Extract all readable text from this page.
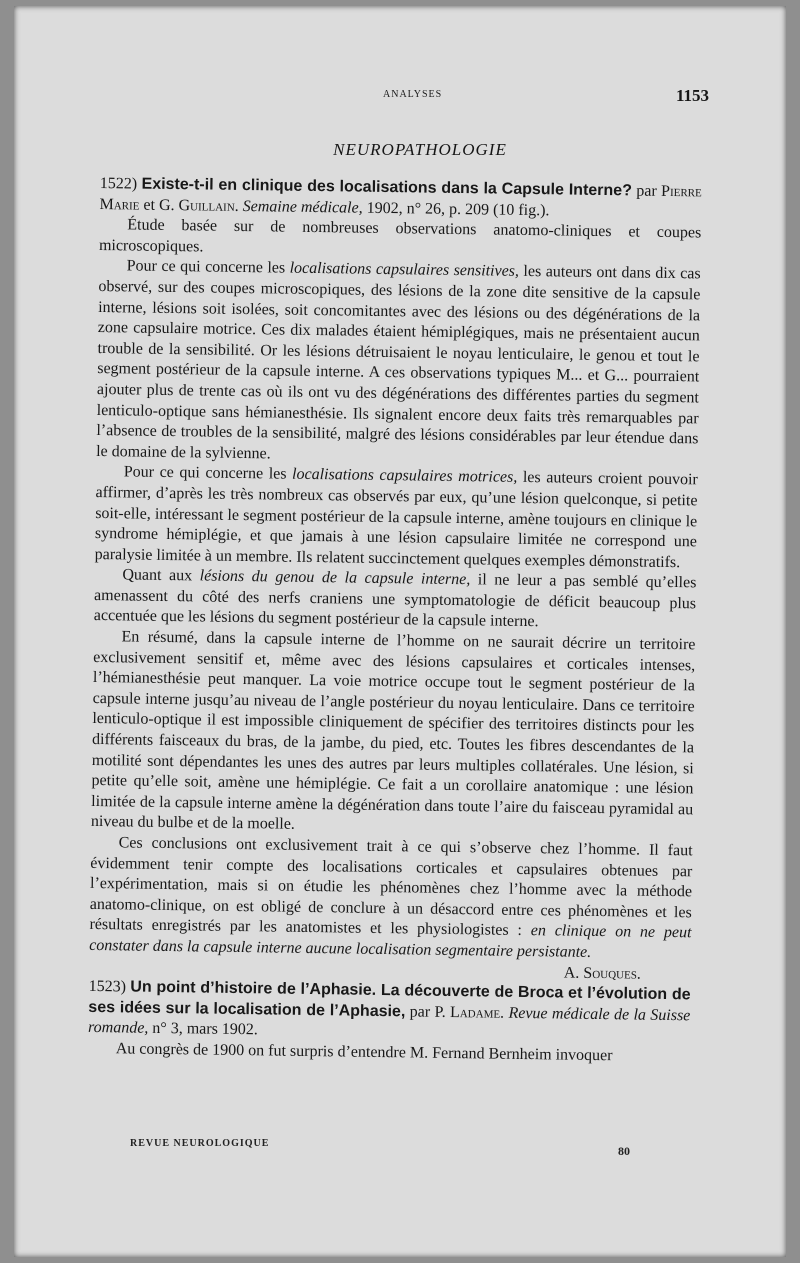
ANALYSES	1153
NEUROPATHOLOGIE

1522) Existe-t-il en clinique des localisations dans la Capsule Interne? par Pierre Marie et G. Guillain. Semaine médicale, 1902, n° 26, p. 209 (10 fig.).

Étude basée sur de nombreuses observations anatomo-cliniques et coupes microscopiques.

Pour ce qui concerne les localisations capsulaires sensitives, les auteurs ont dans dix cas observé, sur des coupes microscopiques, des lésions de la zone dite sensitive de la capsule interne, lésions soit isolées, soit concomitantes avec des lésions ou des dégénérations de la zone capsulaire motrice. Ces dix malades étaient hémiplégiques, mais ne présentaient aucun trouble de la sensibilité. Or les lésions détruisaient le noyau lenticulaire, le genou et tout le segment postérieur de la capsule interne. A ces observations typiques M... et G... pourraient ajouter plus de trente cas où ils ont vu des dégénérations des différentes parties du segment lenticulo-optique sans hémianesthésie. Ils signalent encore deux faits très remarquables par l’absence de troubles de la sensibilité, malgré des lésions considérables par leur étendue dans le domaine de la sylvienne.

Pour ce qui concerne les localisations capsulaires motrices, les auteurs croient pouvoir affirmer, d’après les très nombreux cas observés par eux, qu’une lésion quelconque, si petite soit-elle, intéressant le segment postérieur de la capsule interne, amène toujours en clinique le syndrome hémiplégie, et que jamais à une lésion capsulaire limitée ne correspond une paralysie limitée à un membre. Ils relatent succinctement quelques exemples démonstratifs.

Quant aux lésions du genou de la capsule interne, il ne leur a pas semblé qu’elles amenassent du côté des nerfs craniens une symptomatologie de déficit beaucoup plus accentuée que les lésions du segment postérieur de la capsule interne.

En résumé, dans la capsule interne de l’homme on ne saurait décrire un territoire exclusivement sensitif et, même avec des lésions capsulaires et corticales intenses, l’hémianesthésie peut manquer. La voie motrice occupe tout le segment postérieur de la capsule interne jusqu’au niveau de l’angle postérieur du noyau lenticulaire. Dans ce territoire lenticulo-optique il est impossible cliniquement de spécifier des territoires distincts pour les différents faisceaux du bras, de la jambe, du pied, etc. Toutes les fibres descendantes de la motilité sont dépendantes les unes des autres par leurs multiples collatérales. Une lésion, si petite qu’elle soit, amène une hémiplégie. Ce fait a un corollaire anatomique : une lésion limitée de la capsule interne amène la dégénération dans toute l’aire du faisceau pyramidal au niveau du bulbe et de la moelle.

Ces conclusions ont exclusivement trait à ce qui s’observe chez l’homme. Il faut évidemment tenir compte des localisations corticales et capsulaires obtenues par l’expérimentation, mais si on étudie les phénomènes chez l’homme avec la méthode anatomo-clinique, on est obligé de conclure à un désaccord entre ces phénomènes et les résultats enregistrés par les anatomistes et les physiologistes : en clinique on ne peut constater dans la capsule interne aucune localisation segmentaire persistante.

A. Souques.

1523) Un point d’histoire de l’Aphasie. La découverte de Broca et l’évolution de ses idées sur la localisation de l’Aphasie, par P. Ladame. Revue médicale de la Suisse romande, n° 3, mars 1902.

Au congrès de 1900 on fut surpris d’entendre M. Fernand Bernheim invoquer

REVUE NEUROLOGIQUE
80
